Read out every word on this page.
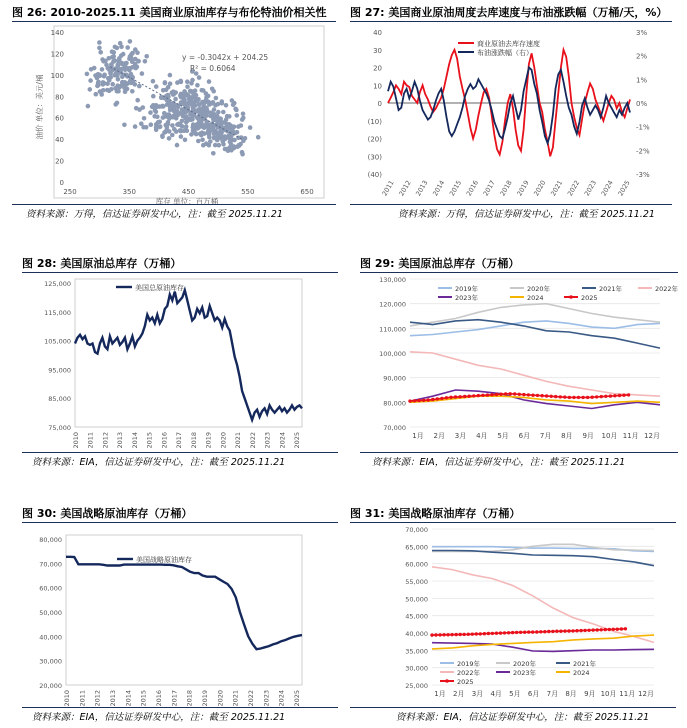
图 26: 2010-2025.11 美国商业原油库存与布伦特油价相关性
0
20
40
60
80
100
120
140
250	350	450	550	650
y = -0.3042x + 204.25
R² = 0.6064
库存 单位：百万桶
油价 单位：美元/桶
资料来源：万得，信达证券研发中心，注：截至 2025.11.21
图 27: 美国商业原油周度去库速度与布油涨跌幅（万桶/天，%）
40
30
20
10
0
(10)
(20)
(30)
(40)
3%
2%
1%
0%
-1%
-2%
-3%
2011 2012 2013 2014 2015 2016 2017 2018 2019 2020 2021 2022 2023 2024 2025
商业原油去库存速度
布油涨跌幅（右）
资料来源：万得，信达证券研发中心，注：截至 2025.11.21
图 28: 美国原油总库存（万桶）
75,000
85,000
95,000
105,000
115,000
125,000
2010 2011 2012 2013 2014 2015 2016 2017 2018 2019 2020 2021 2022 2023 2024 2025
美国总原油库存
资料来源：EIA，信达证券研发中心，注：截至 2025.11.21
图 29: 美国原油总库存（万桶）
70,000
80,000
90,000
100,000
110,000
120,000
130,000
1月 2月 3月 4月 5月 6月 7月 8月 9月 10月 11月 12月
2019年	2020年	2021年	2022年
2023年	2024	2025
资料来源：EIA，信达证券研发中心，注：截至 2025.11.21
图 30: 美国战略原油库存（万桶）
20,000
30,000
40,000
50,000
60,000
70,000
80,000
2010 2011 2012 2013 2014 2015 2016 2017 2018 2019 2020 2021 2022 2023 2024 2025
美国战略原油库存
资料来源：EIA，信达证券研发中心，注：截至 2025.11.21
图 31: 美国战略原油库存（万桶）
25,000
30,000
35,000
40,000
45,000
50,000
55,000
60,000
65,000
70,000
1月 2月 3月 4月 5月 6月 7月 8月 9月 10月 11月 12月
2019年	2020年	2021年
2022年	2023年	2024
2025
资料来源：EIA，信达证券研发中心，注：截至 2025.11.21
